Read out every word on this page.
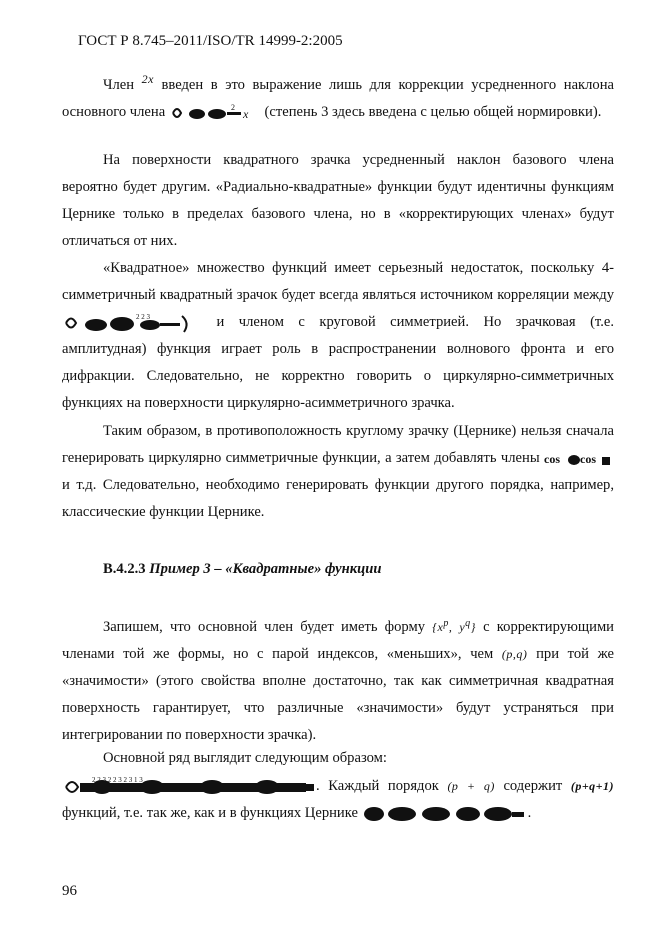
ГОСТ Р 8.745–2011/ISO/TR 14999-2:2005

Член $^{2x}$ введен в это выражение лишь для коррекции усредненного наклона основного члена	x
2 (степень 3 здесь введена с целью общей нормировки).

На поверхности квадратного зрачка усредненный наклон базового члена вероятно будет другим. «Радиально-квадратные» функции будут идентичны функциям Цернике только в пределах базового члена, но в «корректирующих членах» будут отличаться от них.

«Квадратное» множество функций имеет серьезный недостаток, поскольку 4-симметричный квадратный зрачок будет всегда являться источником корреляции между
2 2 3	и членом с круговой симметрией. Но зрачковая (т.е. амплитудная) функция играет роль в распространении волнового фронта и его дифракции. Следовательно, не корректно говорить о циркулярно-симметричных функциях на поверхности циркулярно-асимметричного зрачка.

Таким образом, в противоположность круглому зрачку (Цернике) нельзя сначала генерировать циркулярно симметричные функции, а затем добавлять члены cos cos
и т.д. Следовательно, необходимо генерировать функции другого порядка, например, классические функции Цернике.

В.4.2.3 Пример 3 – «Квадратные» функции

Запишем, что основной член будет иметь форму {$x^p$, $y^q$} с корректирующими членами той же формы, но с парой индексов, «меньших», чем (p,q) при той же «значимости» (этого свойства вполне достаточно, так как симметричная квадратная поверхность гарантирует, что различные «значимости» будут устраняться при интегрировании по поверхности зрачка).

Основной ряд выглядит следующим образом:

2 2 3 2 2 3 2 3 1 3	. Каждый порядок (p + q) содержит (p+q+1) функций, т.е. так же, как и в функциях Цернике	.

96
